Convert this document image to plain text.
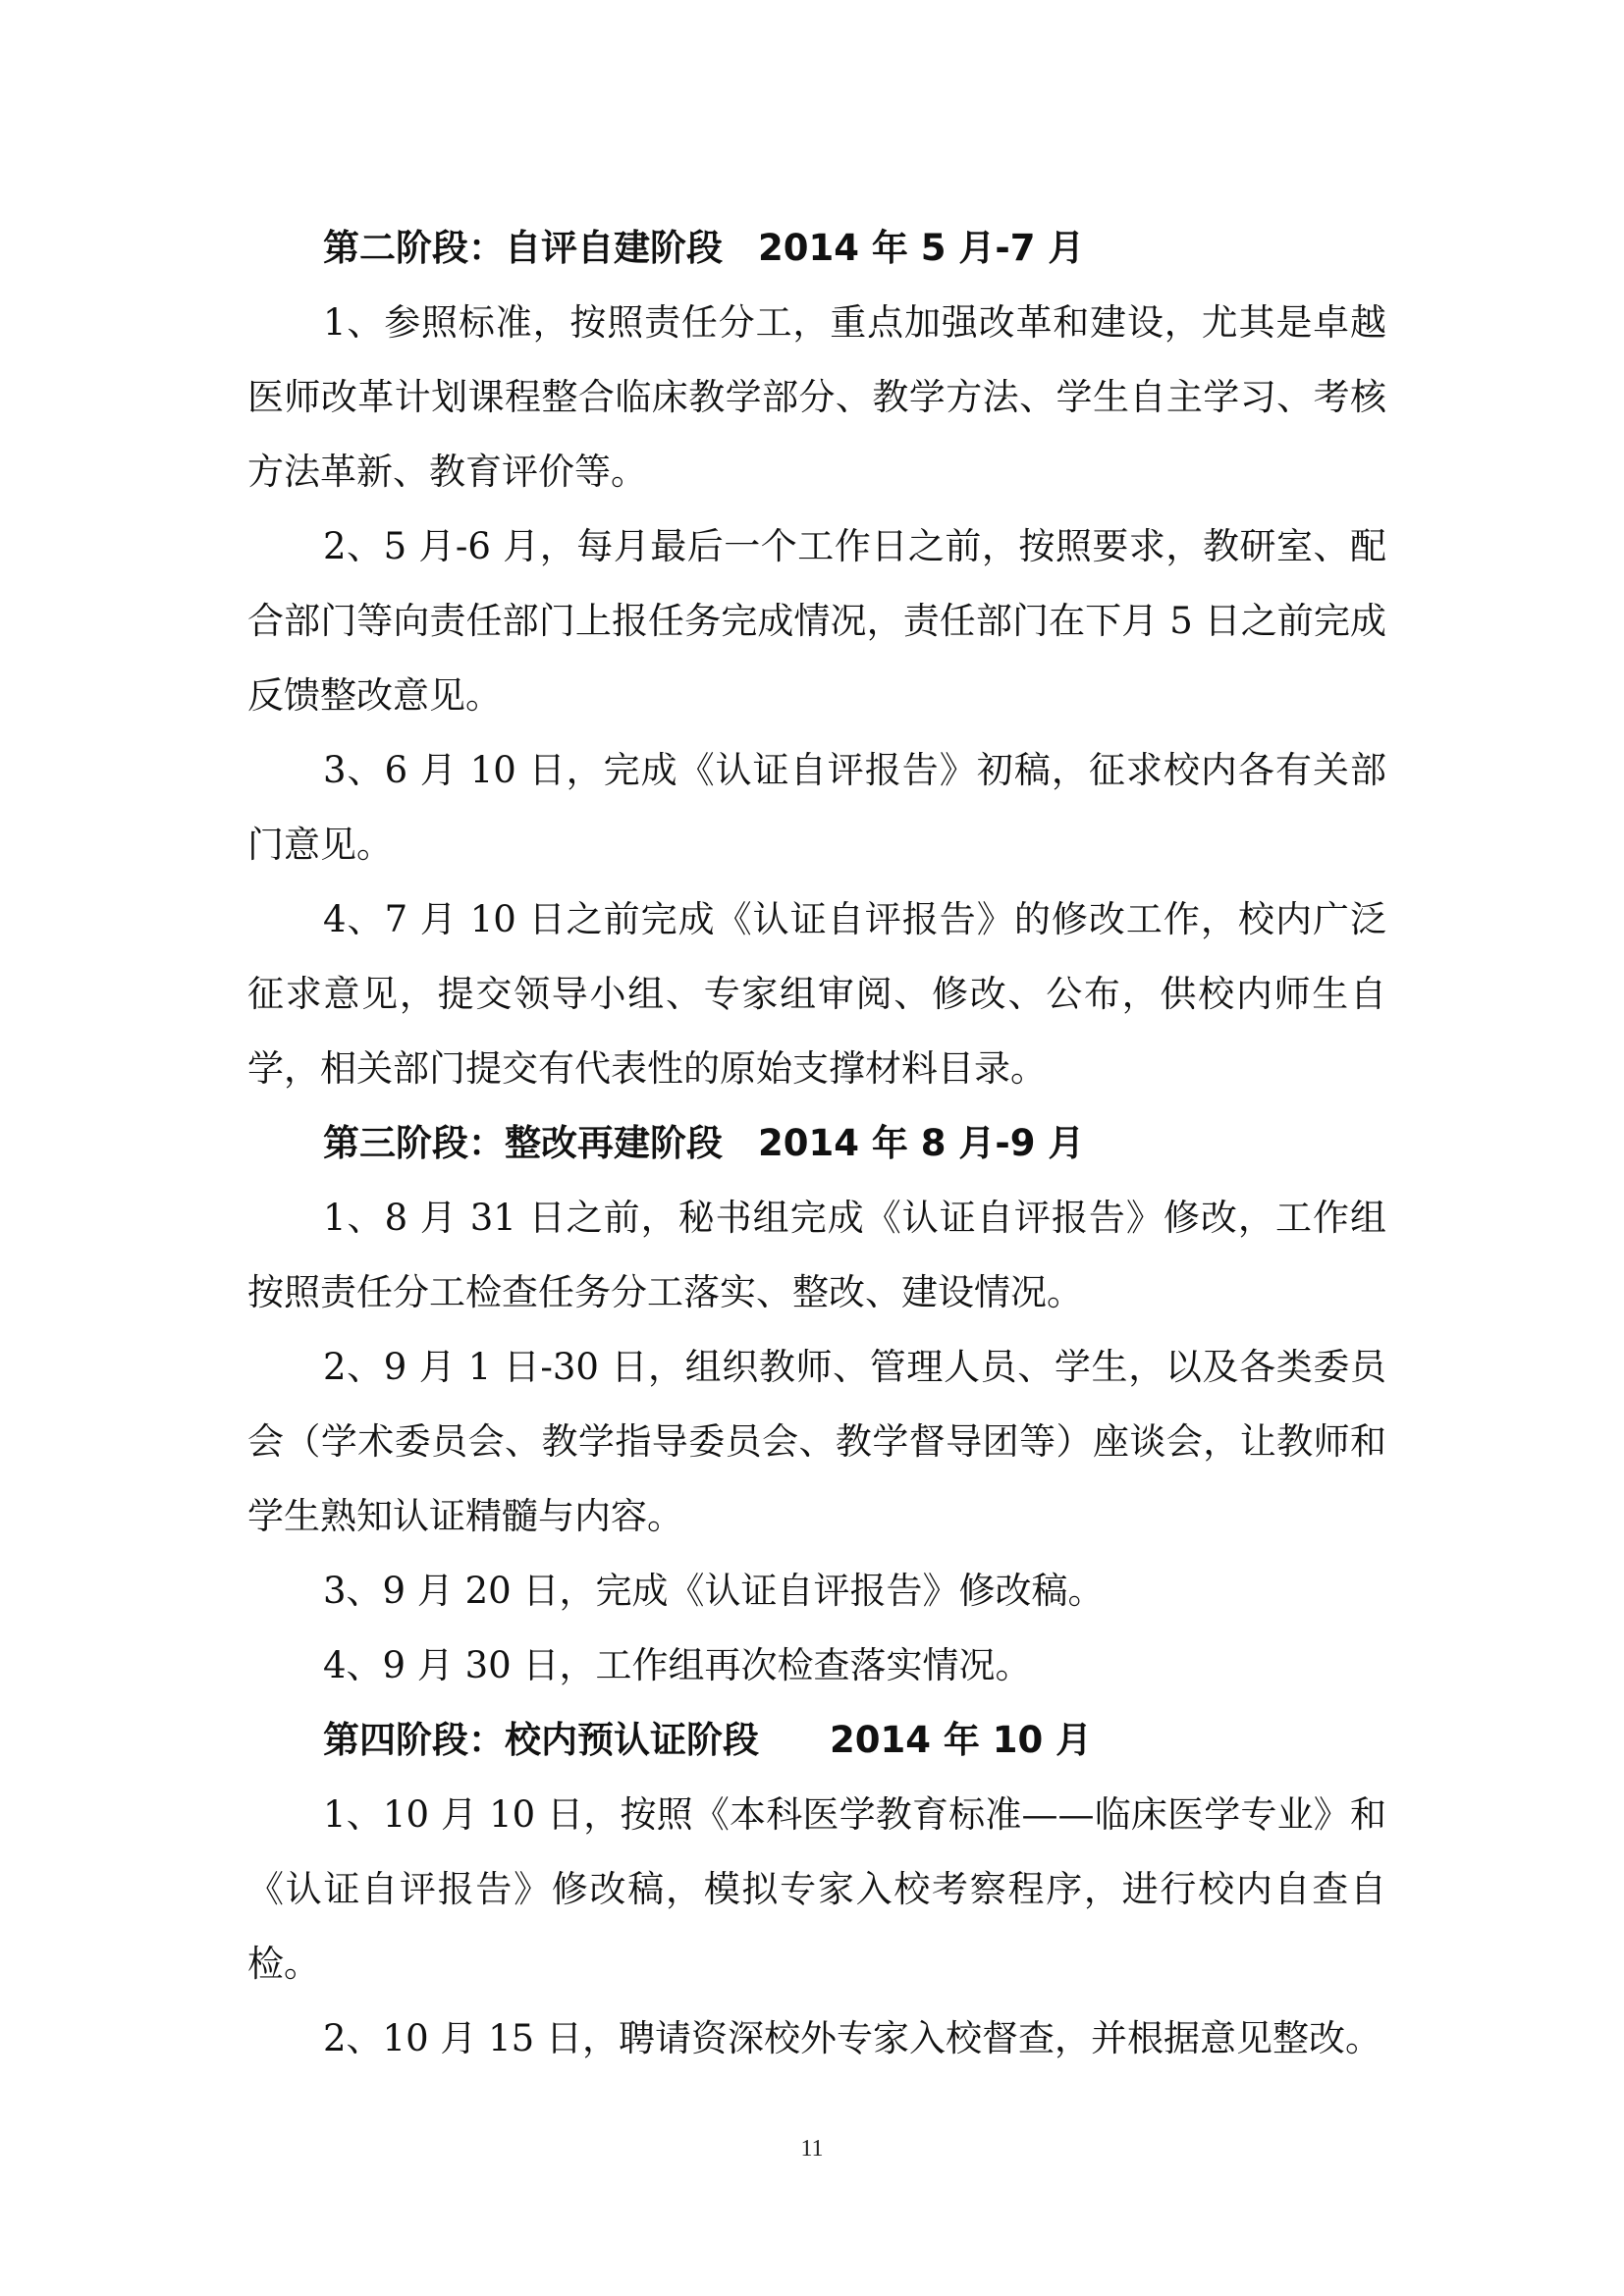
第二阶段：自评自建阶段 2014 年 5 月-7 月

1、参照标准，按照责任分工，重点加强改革和建设，尤其是卓越医师改革计划课程整合临床教学部分、教学方法、学生自主学习、考核方法革新、教育评价等。

2、5 月-6 月，每月最后一个工作日之前，按照要求，教研室、配合部门等向责任部门上报任务完成情况，责任部门在下月 5 日之前完成反馈整改意见。

3、6 月 10 日，完成《认证自评报告》初稿，征求校内各有关部门意见。

4、7 月 10 日之前完成《认证自评报告》的修改工作，校内广泛征求意见，提交领导小组、专家组审阅、修改、公布，供校内师生自学，相关部门提交有代表性的原始支撑材料目录。

第三阶段：整改再建阶段 2014 年 8 月-9 月

1、8 月 31 日之前，秘书组完成《认证自评报告》修改，工作组按照责任分工检查任务分工落实、整改、建设情况。

2、9 月 1 日-30 日，组织教师、管理人员、学生，以及各类委员会（学术委员会、教学指导委员会、教学督导团等）座谈会，让教师和学生熟知认证精髓与内容。

3、9 月 20 日，完成《认证自评报告》修改稿。

4、9 月 30 日，工作组再次检查落实情况。

第四阶段：校内预认证阶段 2014 年 10 月

1、10 月 10 日，按照《本科医学教育标准——临床医学专业》和《认证自评报告》修改稿，模拟专家入校考察程序，进行校内自查自检。

2、10 月 15 日，聘请资深校外专家入校督查，并根据意见整改。

11
